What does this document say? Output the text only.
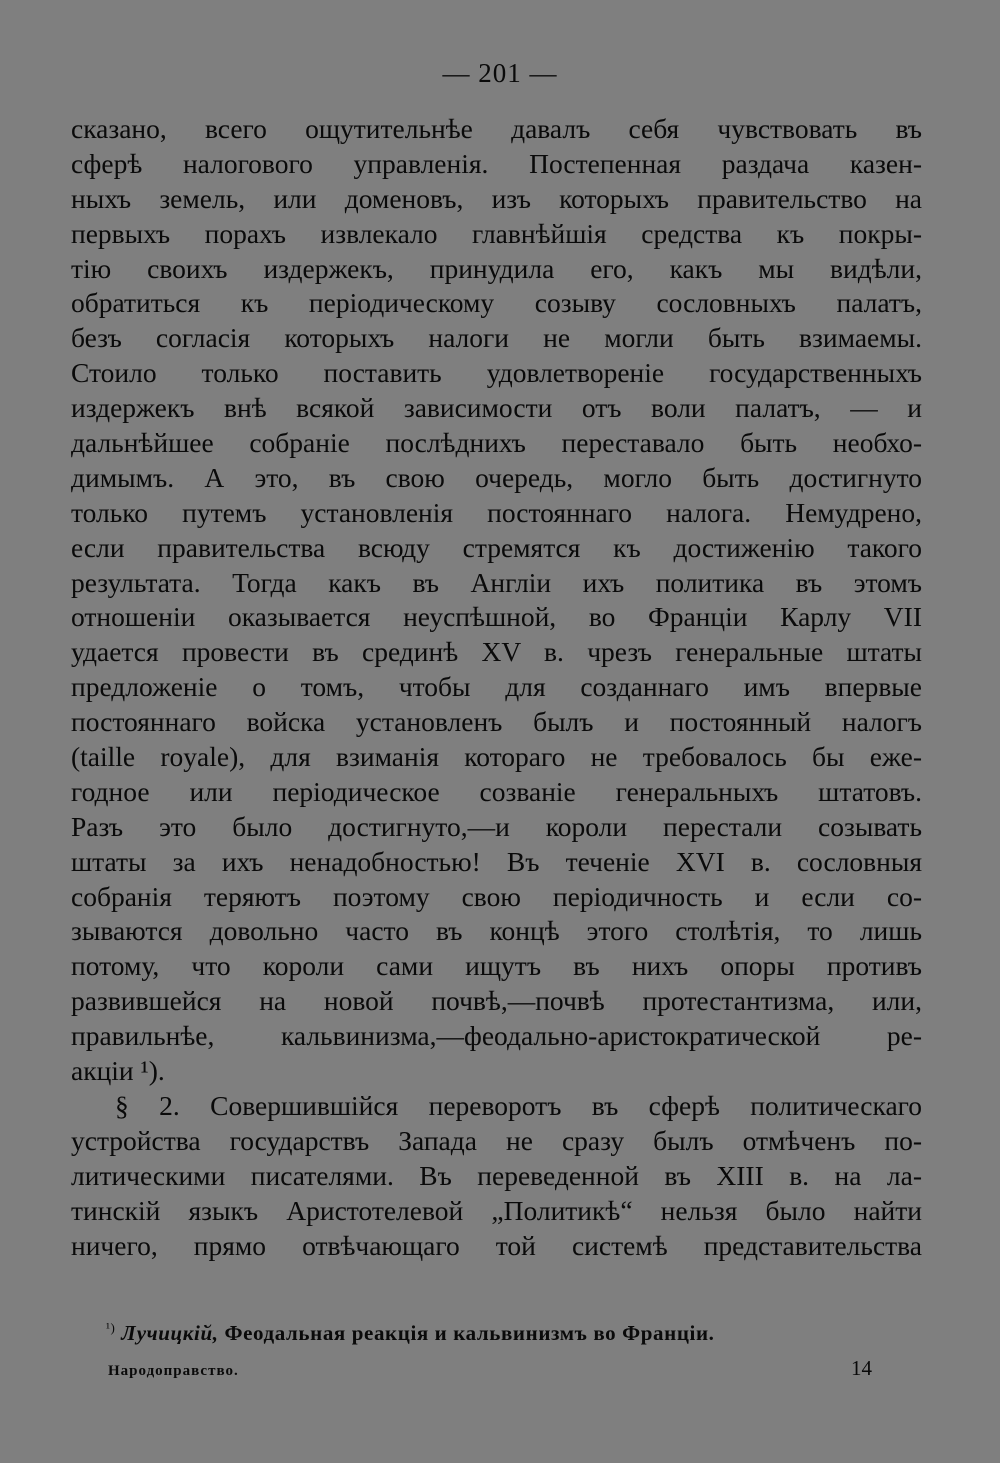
— 201 —
сказано, всего ощутительнѣе давалъ себя чувствовать въ
сферѣ налогового управленія. Постепенная раздача казен-
ныхъ земель, или доменовъ, изъ которыхъ правительство на
первыхъ порахъ извлекало главнѣйшія средства къ покры-
тію своихъ издержекъ, принудила его, какъ мы видѣли,
обратиться къ періодическому созыву сословныхъ палатъ,
безъ согласія которыхъ налоги не могли быть взимаемы.
Стоило только поставить удовлетвореніе государственныхъ
издержекъ внѣ всякой зависимости отъ воли палатъ, — и
дальнѣйшее собраніе послѣднихъ переставало быть необхо-
димымъ. А это, въ свою очередь, могло быть достигнуто
только путемъ установленія постояннаго налога. Немудрено,
если правительства всюду стремятся къ достиженію такого
результата. Тогда какъ въ Англіи ихъ политика въ этомъ
отношеніи оказывается неуспѣшной, во Франціи Карлу VII
удается провести въ срединѣ XV в. чрезъ генеральные штаты
предложеніе о томъ, чтобы для созданнаго имъ впервые
постояннаго войска установленъ былъ и постоянный налогъ
(taille royale), для взиманія котораго не требовалось бы еже-
годное или періодическое созваніе генеральныхъ штатовъ.
Разъ это было достигнуто,—и короли перестали созывать
штаты за ихъ ненадобностью! Въ теченіе XVI в. сословныя
собранія теряютъ поэтому свою періодичность и если со-
зываются довольно часто въ концѣ этого столѣтія, то лишь
потому, что короли сами ищутъ въ нихъ опоры противъ
развившейся на новой почвѣ,—почвѣ протестантизма, или,
правильнѣе, кальвинизма,—феодально-аристократической ре-
акціи ¹).
§ 2. Совершившійся переворотъ въ сферѣ политическаго
устройства государствъ Запада не сразу былъ отмѣченъ по-
литическими писателями. Въ переведенной въ XIII в. на ла-
тинскій языкъ Аристотелевой „Политикѣ“ нельзя было найти
ничего, прямо отвѣчающаго той системѣ представительства
$^{^1)}$ Лучицкій, Феодальная реакція и кальвинизмъ во Франціи.
Народоправство.	14
